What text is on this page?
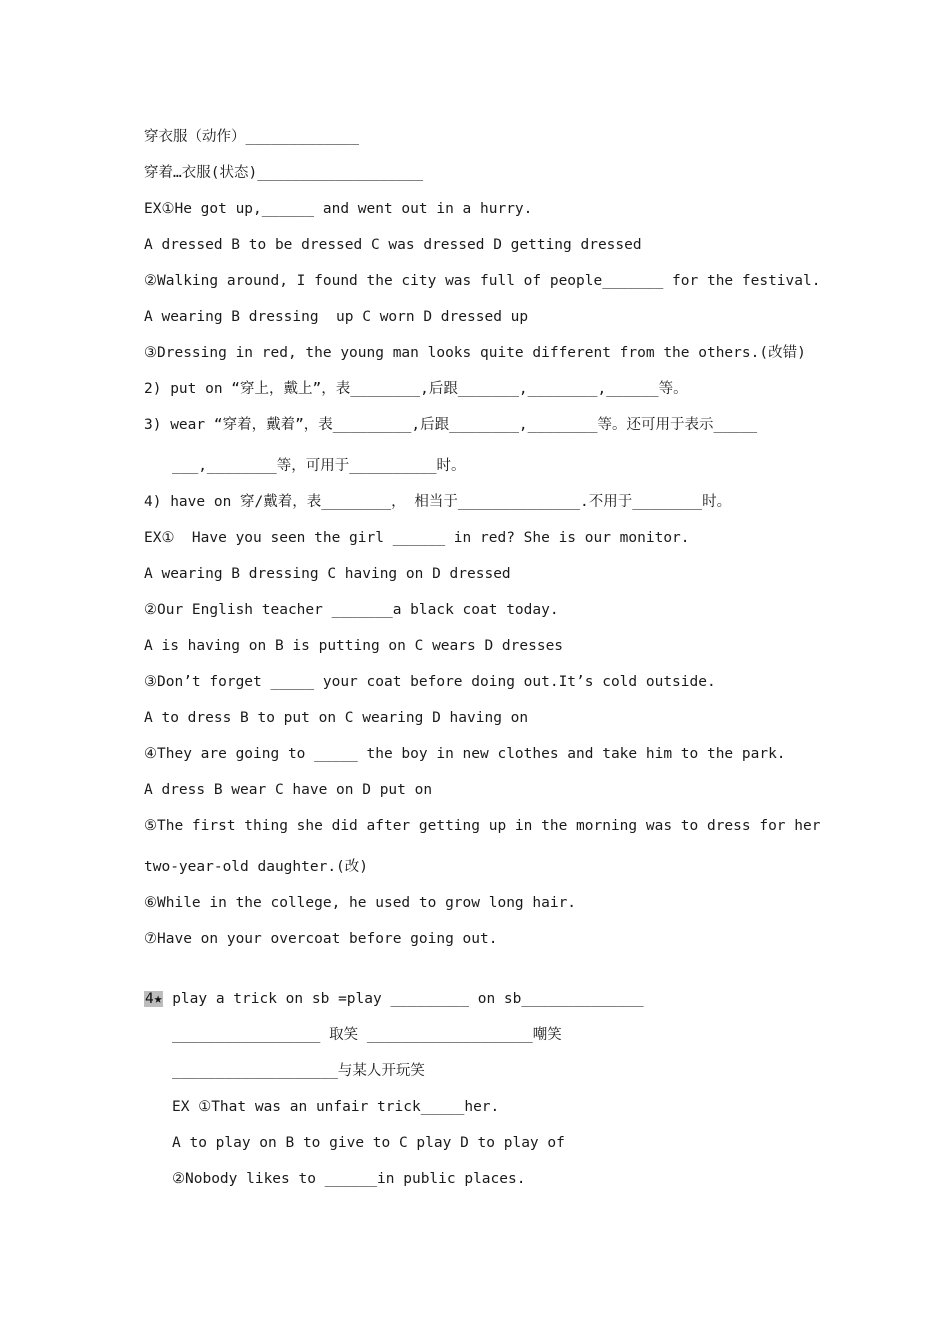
穿衣服（动作）_____________
穿着…衣服(状态)___________________
EX①He got up,______ and went out in a hurry.
A dressed B to be dressed C was dressed D getting dressed
②Walking around, I found the city was full of people_______ for the festival.
A wearing B dressing  up C worn D dressed up
③Dressing in red, the young man looks quite different from the others.(改错)
2) put on “穿上，戴上”，表________,后跟_______,________,______等。
3) wear “穿着，戴着”，表_________,后跟________,________等。还可用于表示_____
___,________等，可用于__________时。
4) have on 穿/戴着，表________， 相当于______________.不用于________时。
EX①  Have you seen the girl ______ in red? She is our monitor.
A wearing B dressing C having on D dressed
②Our English teacher _______a black coat today.
A is having on B is putting on C wears D dresses
③Don’t forget _____ your coat before doing out.It’s cold outside.
A to dress B to put on C wearing D having on
④They are going to _____ the boy in new clothes and take him to the park.
A dress B wear C have on D put on
⑤The first thing she did after getting up in the morning was to dress for her
two-year-old daughter.(改)
⑥While in the college, he used to grow long hair.
⑦Have on your overcoat before going out.
4★ play a trick on sb =play _________ on sb______________
_________________ 取笑 ___________________嘲笑
___________________与某人开玩笑
EX ①That was an unfair trick_____her.
A to play on B to give to C play D to play of
②Nobody likes to ______in public places.
